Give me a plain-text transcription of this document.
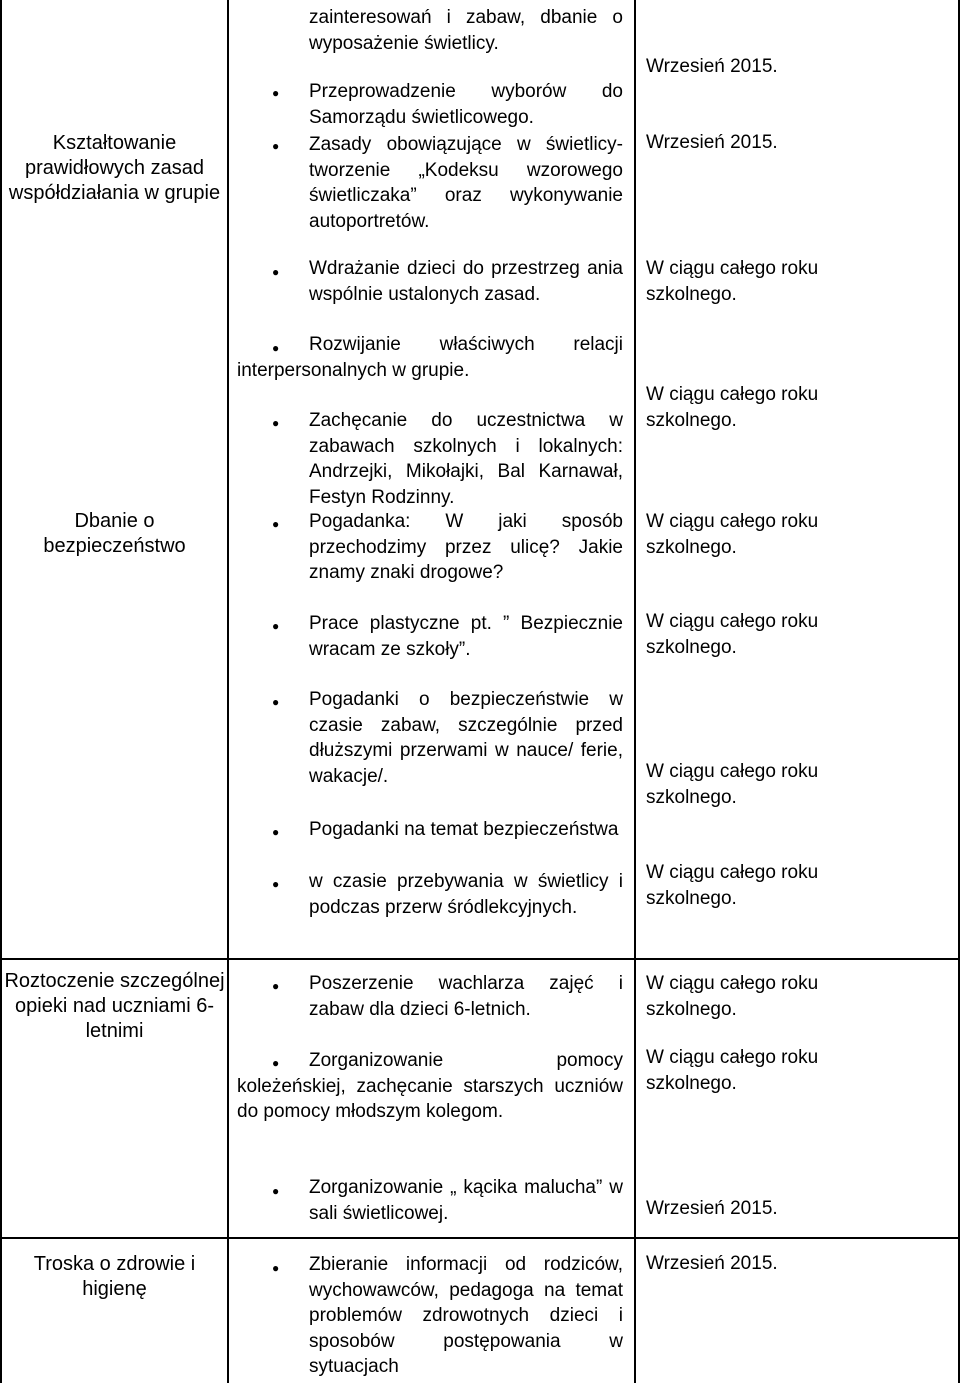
Kształtowanie prawidłowych zasad współdziałania w grupie
Dbanie o bezpieczeństwo
Roztoczenie szczególnej opieki nad uczniami 6-letnimi
Troska o zdrowie i higienę
zainteresowań i zabaw, dbanie o wyposażenie świetlicy.
● Przeprowadzenie wyborów do Samorządu świetlicowego.
● Zasady obowiązujące w świetlicy- tworzenie „Kodeksu wzorowego świetliczaka” oraz wykonywanie autoportretów.
● Wdrażanie dzieci do przestrzeg ania wspólnie ustalonych zasad.
●	Rozwijanie właściwych relacji interpersonalnych w grupie.
● Zachęcanie do uczestnictwa w zabawach szkolnych i lokalnych: Andrzejki, Mikołajki, Bal Karnawał, Festyn Rodzinny.
● Pogadanka: W jaki sposób przechodzimy przez ulicę? Jakie znamy znaki drogowe?
● Prace plastyczne pt. ” Bezpiecznie wracam ze szkoły”.
● Pogadanki o bezpieczeństwie w czasie zabaw, szczególnie przed dłuższymi przerwami w nauce/ ferie, wakacje/.
● Pogadanki na temat bezpieczeństwa
● w czasie przebywania w świetlicy i podczas przerw śródlekcyjnych.
● Poszerzenie wachlarza zajęć i zabaw dla dzieci 6-letnich.
●	Zorganizowanie pomocy koleżeńskiej, zachęcanie starszych uczniów do pomocy młodszym kolegom.
● Zorganizowanie „ kącika malucha” w sali świetlicowej.
● Zbieranie informacji od rodziców, wychowawców, pedagoga na temat problemów zdrowotnych dzieci i sposobów postępowania w sytuacjach
Wrzesień 2015.
Wrzesień 2015.
W ciągu całego roku szkolnego.
W ciągu całego roku szkolnego.
W ciągu całego roku szkolnego.
W ciągu całego roku szkolnego.
W ciągu całego roku szkolnego.
W ciągu całego roku szkolnego.
W ciągu całego roku szkolnego.
W ciągu całego roku szkolnego.
Wrzesień 2015.
Wrzesień 2015.
